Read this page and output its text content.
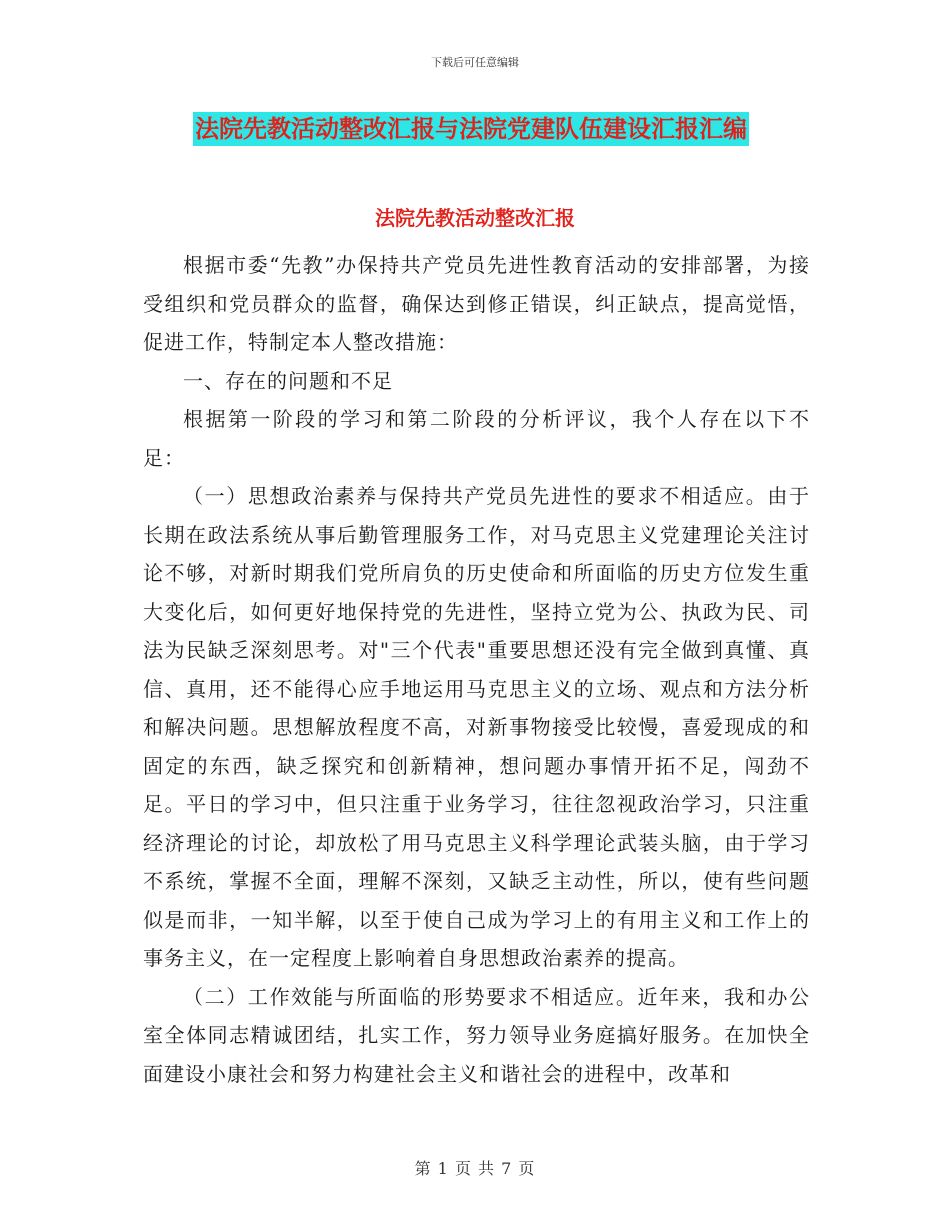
下载后可任意编辑
法院先教活动整改汇报与法院党建队伍建设汇报汇编
法院先教活动整改汇报

根据市委“先教”办保持共产党员先进性教育活动的安排部署，为接受组织和党员群众的监督，确保达到修正错误，纠正缺点，提高觉悟，促进工作，特制定本人整改措施：

一、存在的问题和不足

根据第一阶段的学习和第二阶段的分析评议，我个人存在以下不足：

（一）思想政治素养与保持共产党员先进性的要求不相适应。由于长期在政法系统从事后勤管理服务工作，对马克思主义党建理论关注讨论不够，对新时期我们党所肩负的历史使命和所面临的历史方位发生重大变化后，如何更好地保持党的先进性，坚持立党为公、执政为民、司法为民缺乏深刻思考。对"三个代表"重要思想还没有完全做到真懂、真信、真用，还不能得心应手地运用马克思主义的立场、观点和方法分析和解决问题。思想解放程度不高，对新事物接受比较慢，喜爱现成的和固定的东西，缺乏探究和创新精神，想问题办事情开拓不足，闯劲不足。平日的学习中，但只注重于业务学习，往往忽视政治学习，只注重经济理论的讨论，却放松了用马克思主义科学理论武装头脑，由于学习不系统，掌握不全面，理解不深刻，又缺乏主动性，所以，使有些问题似是而非，一知半解，以至于使自己成为学习上的有用主义和工作上的事务主义，在一定程度上影响着自身思想政治素养的提高。

（二）工作效能与所面临的形势要求不相适应。近年来，我和办公室全体同志精诚团结，扎实工作，努力领导业务庭搞好服务。在加快全面建设小康社会和努力构建社会主义和谐社会的进程中，改革和

第 1 页 共 7 页
